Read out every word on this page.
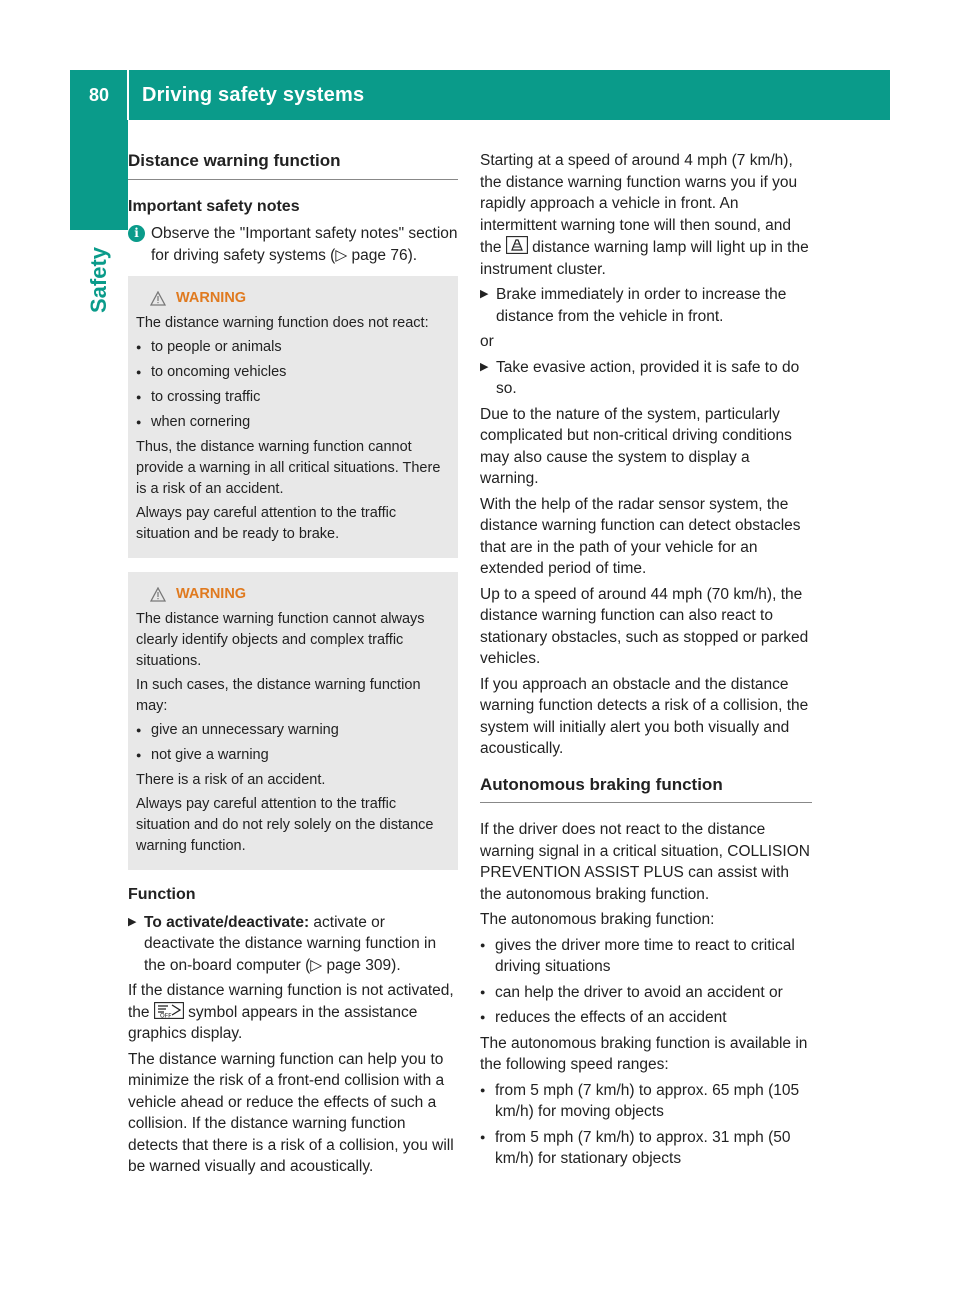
80	Driving safety systems
Safety
Distance warning function
Important safety notes
i Observe the "Important safety notes" section for driving safety systems (▷ page 76).
WARNING

The distance warning function does not react:

● to people or animals
● to oncoming vehicles
● to crossing traffic
● when cornering

Thus, the distance warning function cannot provide a warning in all critical situations. There is a risk of an accident.

Always pay careful attention to the traffic situation and be ready to brake.

WARNING

The distance warning function cannot always clearly identify objects and complex traffic situations.

In such cases, the distance warning function may:

● give an unnecessary warning
● not give a warning

There is a risk of an accident.

Always pay careful attention to the traffic situation and do not rely solely on the distance warning function.

Function
▶ To activate/deactivate: activate or deactivate the distance warning function in the on-board computer (▷ page 309).

If the distance warning function is not activated, the OFF symbol appears in the assistance graphics display.

The distance warning function can help you to minimize the risk of a front-end collision with a vehicle ahead or reduce the effects of such a collision. If the distance warning function detects that there is a risk of a collision, you will be warned visually and acoustically.

Starting at a speed of around 4 mph (7 km/h), the distance warning function warns you if you rapidly approach a vehicle in front. An intermittent warning tone will then sound, and the  distance warning lamp will light up in the instrument cluster.

▶ Brake immediately in order to increase the distance from the vehicle in front.

or

▶ Take evasive action, provided it is safe to do so.

Due to the nature of the system, particularly complicated but non-critical driving conditions may also cause the system to display a warning.

With the help of the radar sensor system, the distance warning function can detect obstacles that are in the path of your vehicle for an extended period of time.

Up to a speed of around 44 mph (70 km/h), the distance warning function can also react to stationary obstacles, such as stopped or parked vehicles.

If you approach an obstacle and the distance warning function detects a risk of a collision, the system will initially alert you both visually and acoustically.

Autonomous braking function

If the driver does not react to the distance warning signal in a critical situation, COLLISION PREVENTION ASSIST PLUS can assist with the autonomous braking function.

The autonomous braking function:

● gives the driver more time to react to critical driving situations
● can help the driver to avoid an accident or
● reduces the effects of an accident

The autonomous braking function is available in the following speed ranges:

● from 5 mph (7 km/h) to approx. 65 mph (105 km/h) for moving objects
● from 5 mph (7 km/h) to approx. 31 mph (50 km/h) for stationary objects
